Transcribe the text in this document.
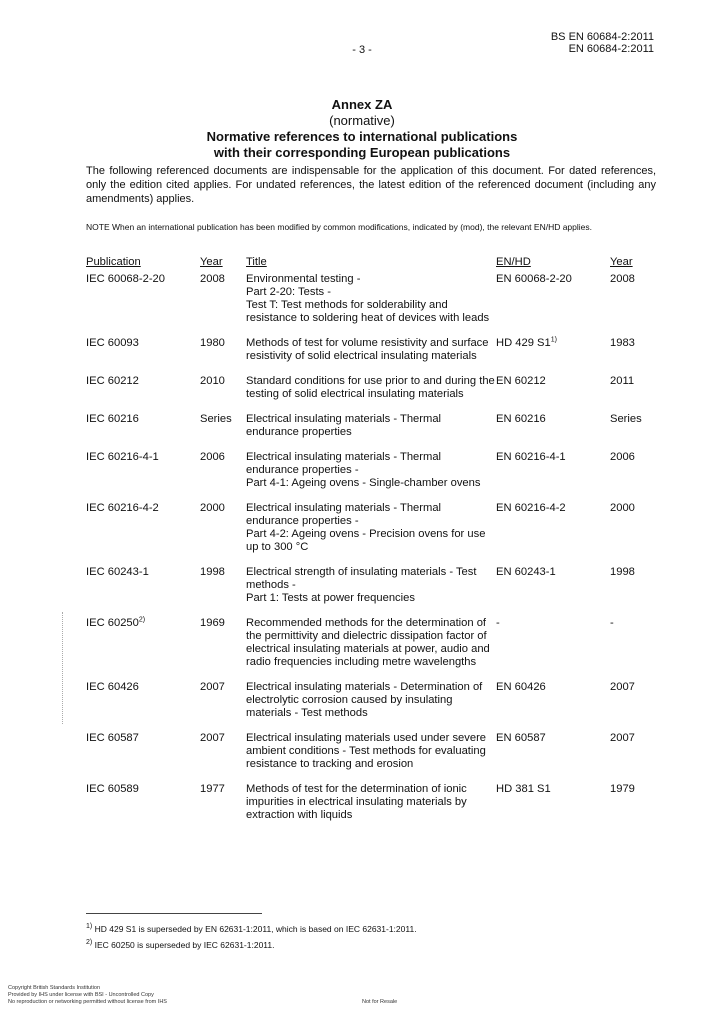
BS EN 60684-2:2011
EN 60684-2:2011
- 3 -
Annex ZA
(normative)
Normative references to international publications
with their corresponding European publications
The following referenced documents are indispensable for the application of this document. For dated references, only the edition cited applies. For undated references, the latest edition of the referenced document (including any amendments) applies.
NOTE When an international publication has been modified by common modifications, indicated by (mod), the relevant EN/HD applies.
Publication	Year	Title	EN/HD	Year
IEC 60068-2-20	2008	Environmental testing -
Part 2-20: Tests -
Test T: Test methods for solderability and resistance to soldering heat of devices with leads	EN 60068-2-20	2008
IEC 60093	1980	Methods of test for volume resistivity and surface resistivity of solid electrical insulating materials	HD 429 S1$^{1)}$	1983
IEC 60212	2010	Standard conditions for use prior to and during the testing of solid electrical insulating materials	EN 60212	2011
IEC 60216	Series	Electrical insulating materials - Thermal endurance properties	EN 60216	Series
IEC 60216-4-1	2006	Electrical insulating materials - Thermal endurance properties -
Part 4-1: Ageing ovens - Single-chamber ovens	EN 60216-4-1	2006
IEC 60216-4-2	2000	Electrical insulating materials - Thermal endurance properties -
Part 4-2: Ageing ovens - Precision ovens for use up to 300 °C	EN 60216-4-2	2000
IEC 60243-1	1998	Electrical strength of insulating materials - Test methods -
Part 1: Tests at power frequencies	EN 60243-1	1998
IEC 60250$^{2)}$	1969	Recommended methods for the determination of the permittivity and dielectric dissipation factor of electrical insulating materials at power, audio and radio frequencies including metre wavelengths	-	-
IEC 60426	2007	Electrical insulating materials - Determination of electrolytic corrosion caused by insulating materials - Test methods	EN 60426	2007
IEC 60587	2007	Electrical insulating materials used under severe ambient conditions - Test methods for evaluating resistance to tracking and erosion	EN 60587	2007
IEC 60589	1977	Methods of test for the determination of ionic impurities in electrical insulating materials by extraction with liquids	HD 381 S1	1979
$^{1)}$ HD 429 S1 is superseded by EN 62631-1:2011, which is based on IEC 62631-1:2011.
$^{2)}$ IEC 60250 is superseded by IEC 62631-1:2011.
Copyright British Standards Institution
Provided by IHS under license with BSI - Uncontrolled Copy
No reproduction or networking permitted without license from IHS	Not for Resale
